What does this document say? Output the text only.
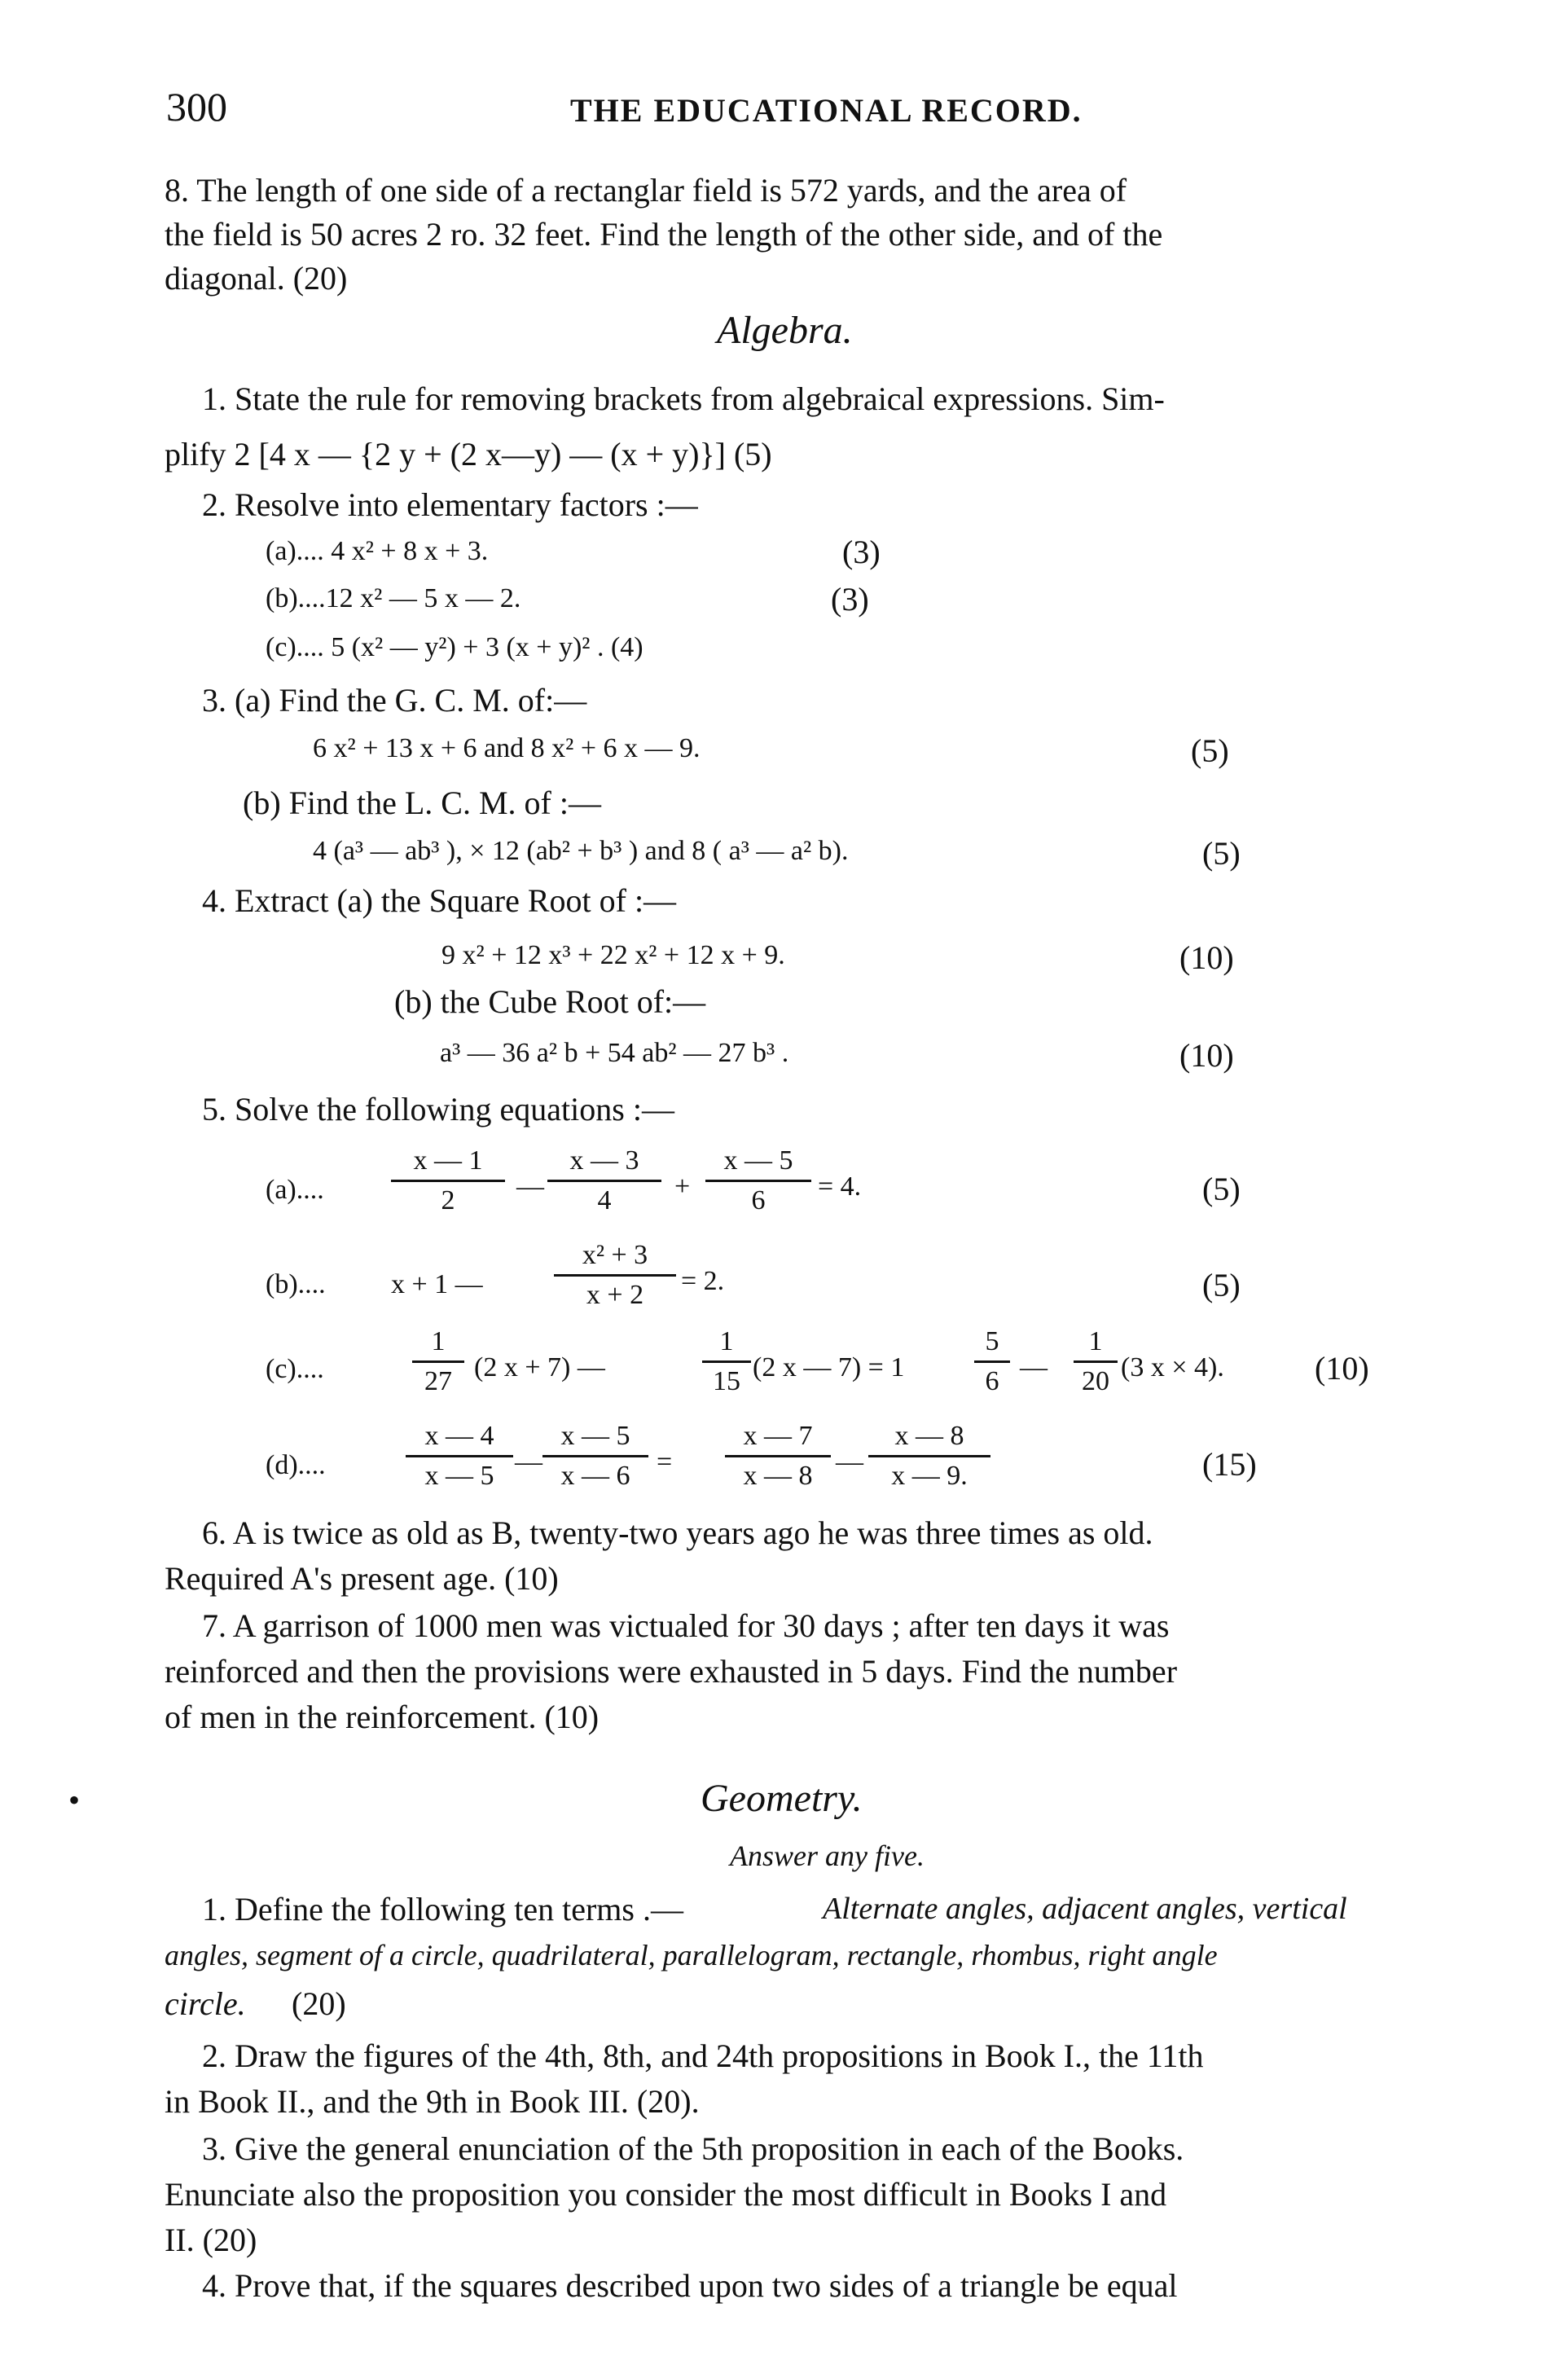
300	THE EDUCATIONAL RECORD.
8. The length of one side of a rectanglar field is 572 yards, and the area of
the field is 50 acres 2 ro. 32 feet. Find the length of the other side, and of the
diagonal. (20)
Algebra.
1. State the rule for removing brackets from algebraical expressions. Sim-
plify 2 [4 x — {2 y + (2 x—y) — (x + y)}] (5)
2. Resolve into elementary factors :—
(a).... 4 x² + 8 x + 3.	(3)
(b)....12 x² — 5 x — 2.	(3)
(c).... 5 (x² — y²) + 3 (x + y)² . (4)
3. (a) Find the G. C. M. of:—
6 x² + 13 x + 6 and 8 x² + 6 x — 9.	(5)
(b) Find the L. C. M. of :—
4 (a³ — ab³ ), × 12 (ab² + b³ ) and 8 ( a³ — a² b).	(5)
4. Extract (a) the Square Root of :—
9 x² + 12 x³ + 22 x² + 12 x + 9.	(10)
(b) the Cube Root of:—
a³ — 36 a² b + 54 ab² — 27 b³ .	(10)
5. Solve the following equations :—
(a)....
x — 1
2	—
x — 3
4	+
x — 5
6	= 4.	(5)
(b).... x + 1 —
x² + 3
x + 2	= 2.	(5)
(c)....
1
27 (2 x + 7) —
1
15 (2 x — 7) = 1
5
6 —
1
20 (3 x × 4).	(10)
(d)....
x — 4
x — 5 —
x — 5
x — 6 =
x — 7
x — 8 —
x — 8
x — 9.	(15)
6. A is twice as old as B, twenty-two years ago he was three times as old.
Required A's present age. (10)
7. A garrison of 1000 men was victualed for 30 days ; after ten days it was
reinforced and then the provisions were exhausted in 5 days. Find the number
of men in the reinforcement. (10)
•	Geometry.
Answer any five.
1. Define the following ten terms .—	Alternate angles, adjacent angles, vertical
angles, segment of a circle, quadrilateral, parallelogram, rectangle, rhombus, right angle
circle. (20)
2. Draw the figures of the 4th, 8th, and 24th propositions in Book I., the 11th
in Book II., and the 9th in Book III. (20).
3. Give the general enunciation of the 5th proposition in each of the Books.
Enunciate also the proposition you consider the most difficult in Books I and
II. (20)
4. Prove that, if the squares described upon two sides of a triangle be equal
